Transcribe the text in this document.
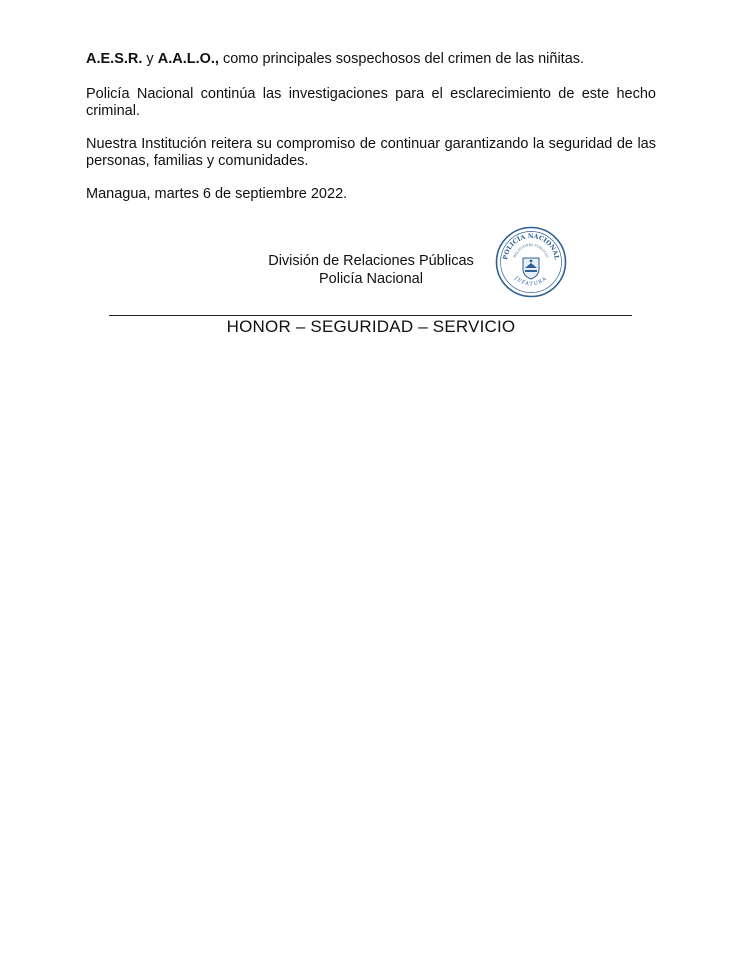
A.E.S.R. y A.A.L.O., como principales sospechosos del crimen de las niñitas.

Policía Nacional continúa las investigaciones para el esclarecimiento de este hecho criminal.

Nuestra Institución reitera su compromiso de continuar garantizando la seguridad de las personas, familias y comunidades.

Managua, martes 6 de septiembre 2022.

División de Relaciones Públicas
Policía Nacional
POLICÍA NACIONAL
RELACIONES PÚBLICAS
JEFATURA
HONOR – SEGURIDAD – SERVICIO
